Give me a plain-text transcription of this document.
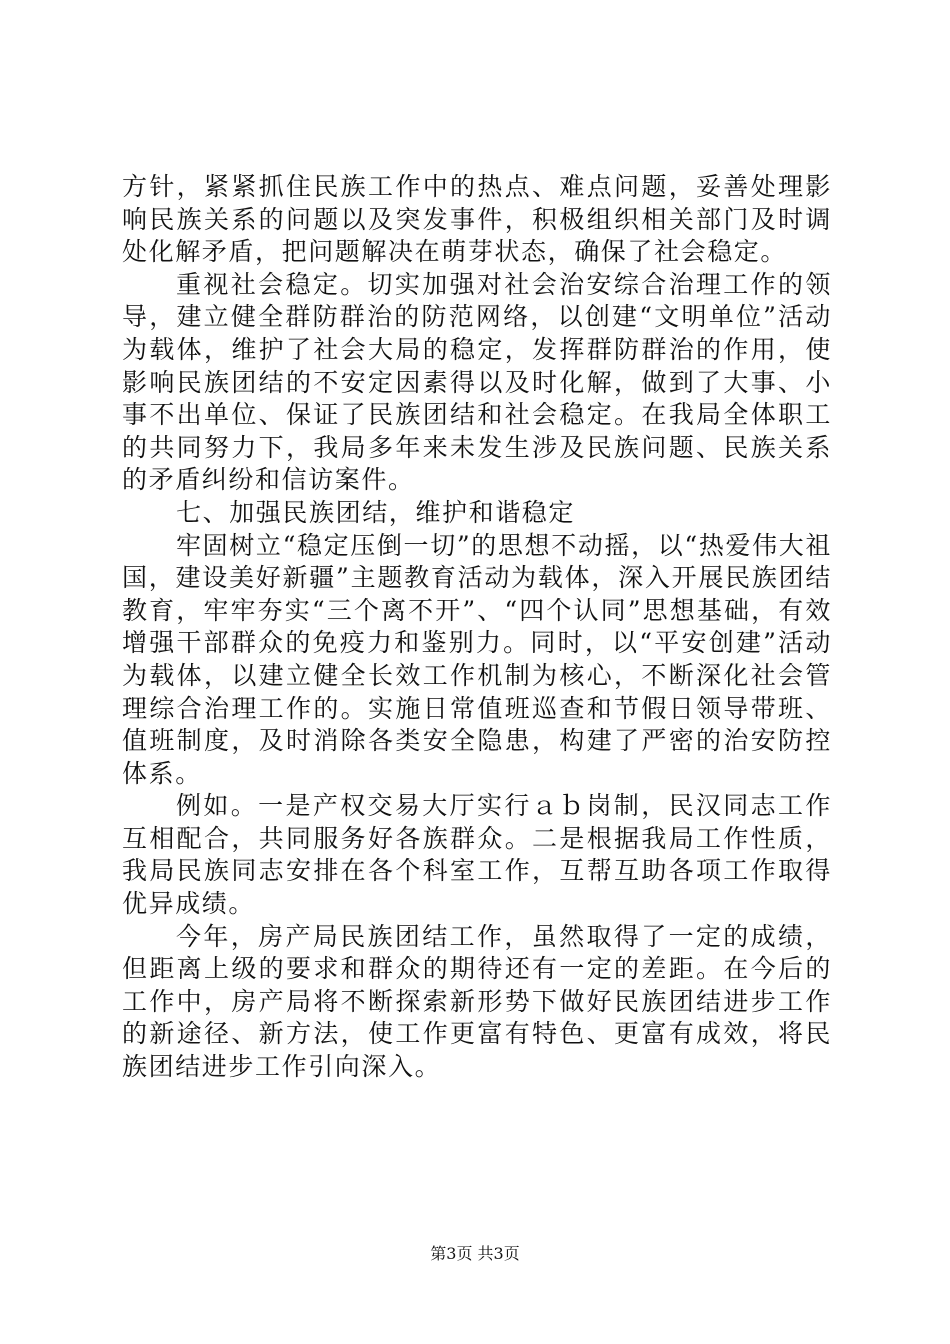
方针，紧紧抓住民族工作中的热点、难点问题，妥善处理影响民族关系的问题以及突发事件，积极组织相关部门及时调处化解矛盾，把问题解决在萌芽状态，确保了社会稳定。

重视社会稳定。切实加强对社会治安综合治理工作的领导，建立健全群防群治的防范网络，以创建“文明单位”活动为载体，维护了社会大局的稳定，发挥群防群治的作用，使影响民族团结的不安定因素得以及时化解，做到了大事、小事不出单位、保证了民族团结和社会稳定。在我局全体职工的共同努力下，我局多年来未发生涉及民族问题、民族关系的矛盾纠纷和信访案件。

七、加强民族团结，维护和谐稳定

牢固树立“稳定压倒一切”的思想不动摇，以“热爱伟大祖国，建设美好新疆”主题教育活动为载体，深入开展民族团结教育，牢牢夯实“三个离不开”、“四个认同”思想基础，有效增强干部群众的免疫力和鉴别力。同时，以“平安创建”活动为载体，以建立健全长效工作机制为核心，不断深化社会管理综合治理工作的。实施日常值班巡查和节假日领导带班、值班制度，及时消除各类安全隐患，构建了严密的治安防控体系。

例如。一是产权交易大厅实行ａｂ岗制，民汉同志工作互相配合，共同服务好各族群众。二是根据我局工作性质，我局民族同志安排在各个科室工作，互帮互助各项工作取得优异成绩。

今年，房产局民族团结工作，虽然取得了一定的成绩，但距离上级的要求和群众的期待还有一定的差距。在今后的工作中，房产局将不断探索新形势下做好民族团结进步工作的新途径、新方法，使工作更富有特色、更富有成效，将民族团结进步工作引向深入。

第3页 共3页
